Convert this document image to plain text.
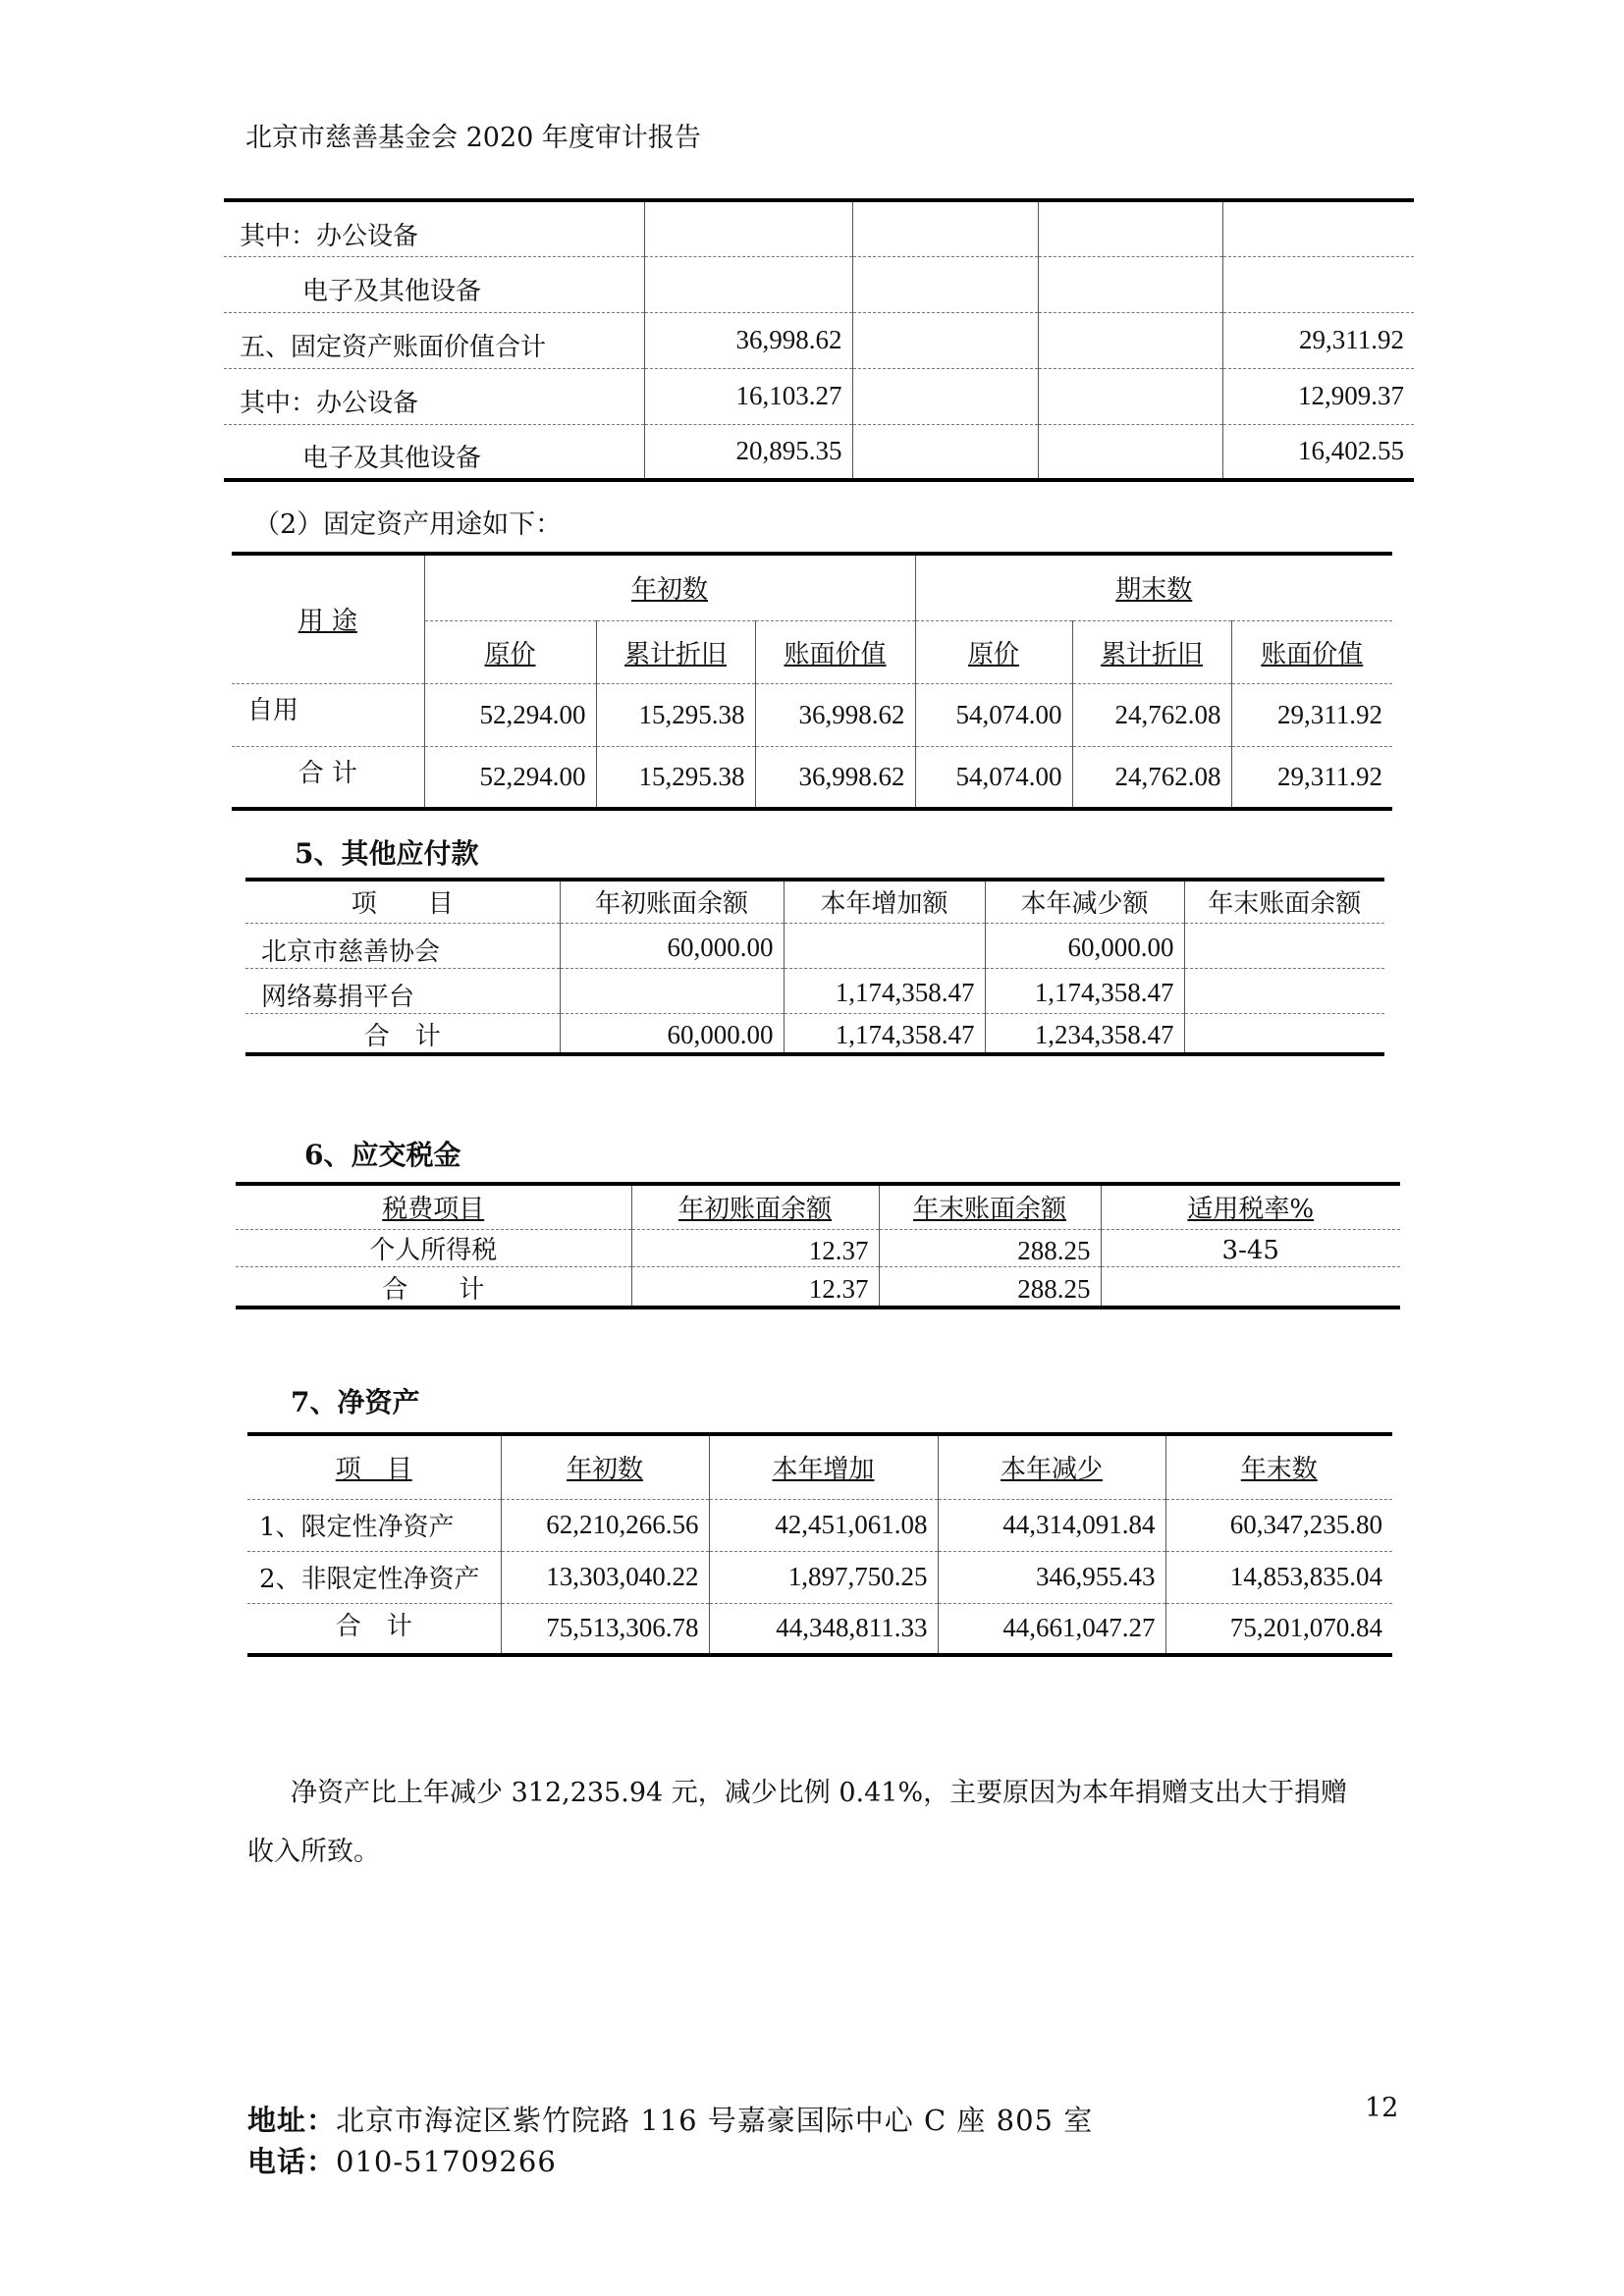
北京市慈善基金会 2020 年度审计报告
其中：办公设备				
电子及其他设备				
五、固定资产账面价值合计	36,998.62			29,311.92
其中：办公设备	16,103.27			12,909.37
电子及其他设备	20,895.35			16,402.55
（2）固定资产用途如下：
用 途	年初数			期末数		
	原价	累计折旧	账面价值	原价	累计折旧	账面价值
自用	52,294.00	15,295.38	36,998.62	54,074.00	24,762.08	29,311.92
合 计	52,294.00	15,295.38	36,998.62	54,074.00	24,762.08	29,311.92
5、其他应付款
项　　目	年初账面余额	本年增加额	本年减少额	年末账面余额
北京市慈善协会	60,000.00		60,000.00	
网络募捐平台		1,174,358.47	1,174,358.47	
合　计	60,000.00	1,174,358.47	1,234,358.47	
6、应交税金
税费项目	年初账面余额	年末账面余额	适用税率%
个人所得税	12.37	288.25	3-45
合　　计	12.37	288.25	
7、净资产
项　目	年初数	本年增加	本年减少	年末数
1、限定性净资产	62,210,266.56	42,451,061.08	44,314,091.84	60,347,235.80
2、非限定性净资产	13,303,040.22	1,897,750.25	346,955.43	14,853,835.04
合　计	75,513,306.78	44,348,811.33	44,661,047.27	75,201,070.84
净资产比上年减少 312,235.94 元，减少比例 0.41%，主要原因为本年捐赠支出大于捐赠
收入所致。
12
地址：北京市海淀区紫竹院路 116 号嘉豪国际中心 C 座 805 室
电话：010-51709266
